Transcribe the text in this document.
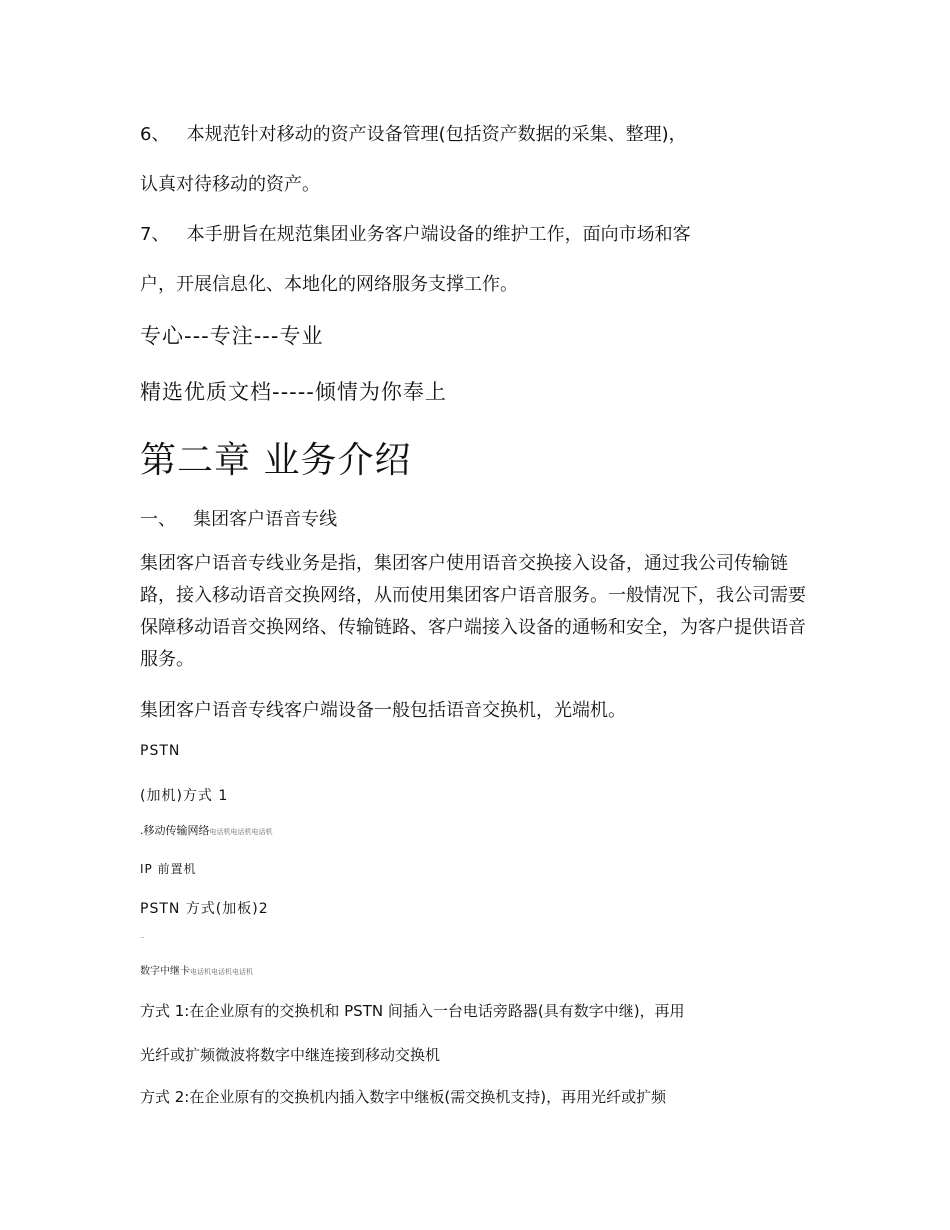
6、 本规范针对移动的资产设备管理(包括资产数据的采集、整理)，

认真对待移动的资产。

7、 本手册旨在规范集团业务客户端设备的维护工作，面向市场和客

户，开展信息化、本地化的网络服务支撑工作。

专心---专注---专业

精选优质文档-----倾情为你奉上

第二章 业务介绍

一、 集团客户语音专线

集团客户语音专线业务是指，集团客户使用语音交换接入设备，通过我公司传输链路，接入移动语音交换网络，从而使用集团客户语音服务。一般情况下，我公司需要保障移动语音交换网络、传输链路、客户端接入设备的通畅和安全，为客户提供语音服务。

集团客户语音专线客户端设备一般包括语音交换机，光端机。

PSTN

(加机)方式 1

.移动传输网络电话机电话机电话机

IP 前置机

PSTN 方式(加板)2

..

数字中继卡电话机电话机电话机

方式 1:在企业原有的交换机和 PSTN 间插入一台电话旁路器(具有数字中继)，再用

光纤或扩频微波将数字中继连接到移动交换机

方式 2:在企业原有的交换机内插入数字中继板(需交换机支持)，再用光纤或扩频
